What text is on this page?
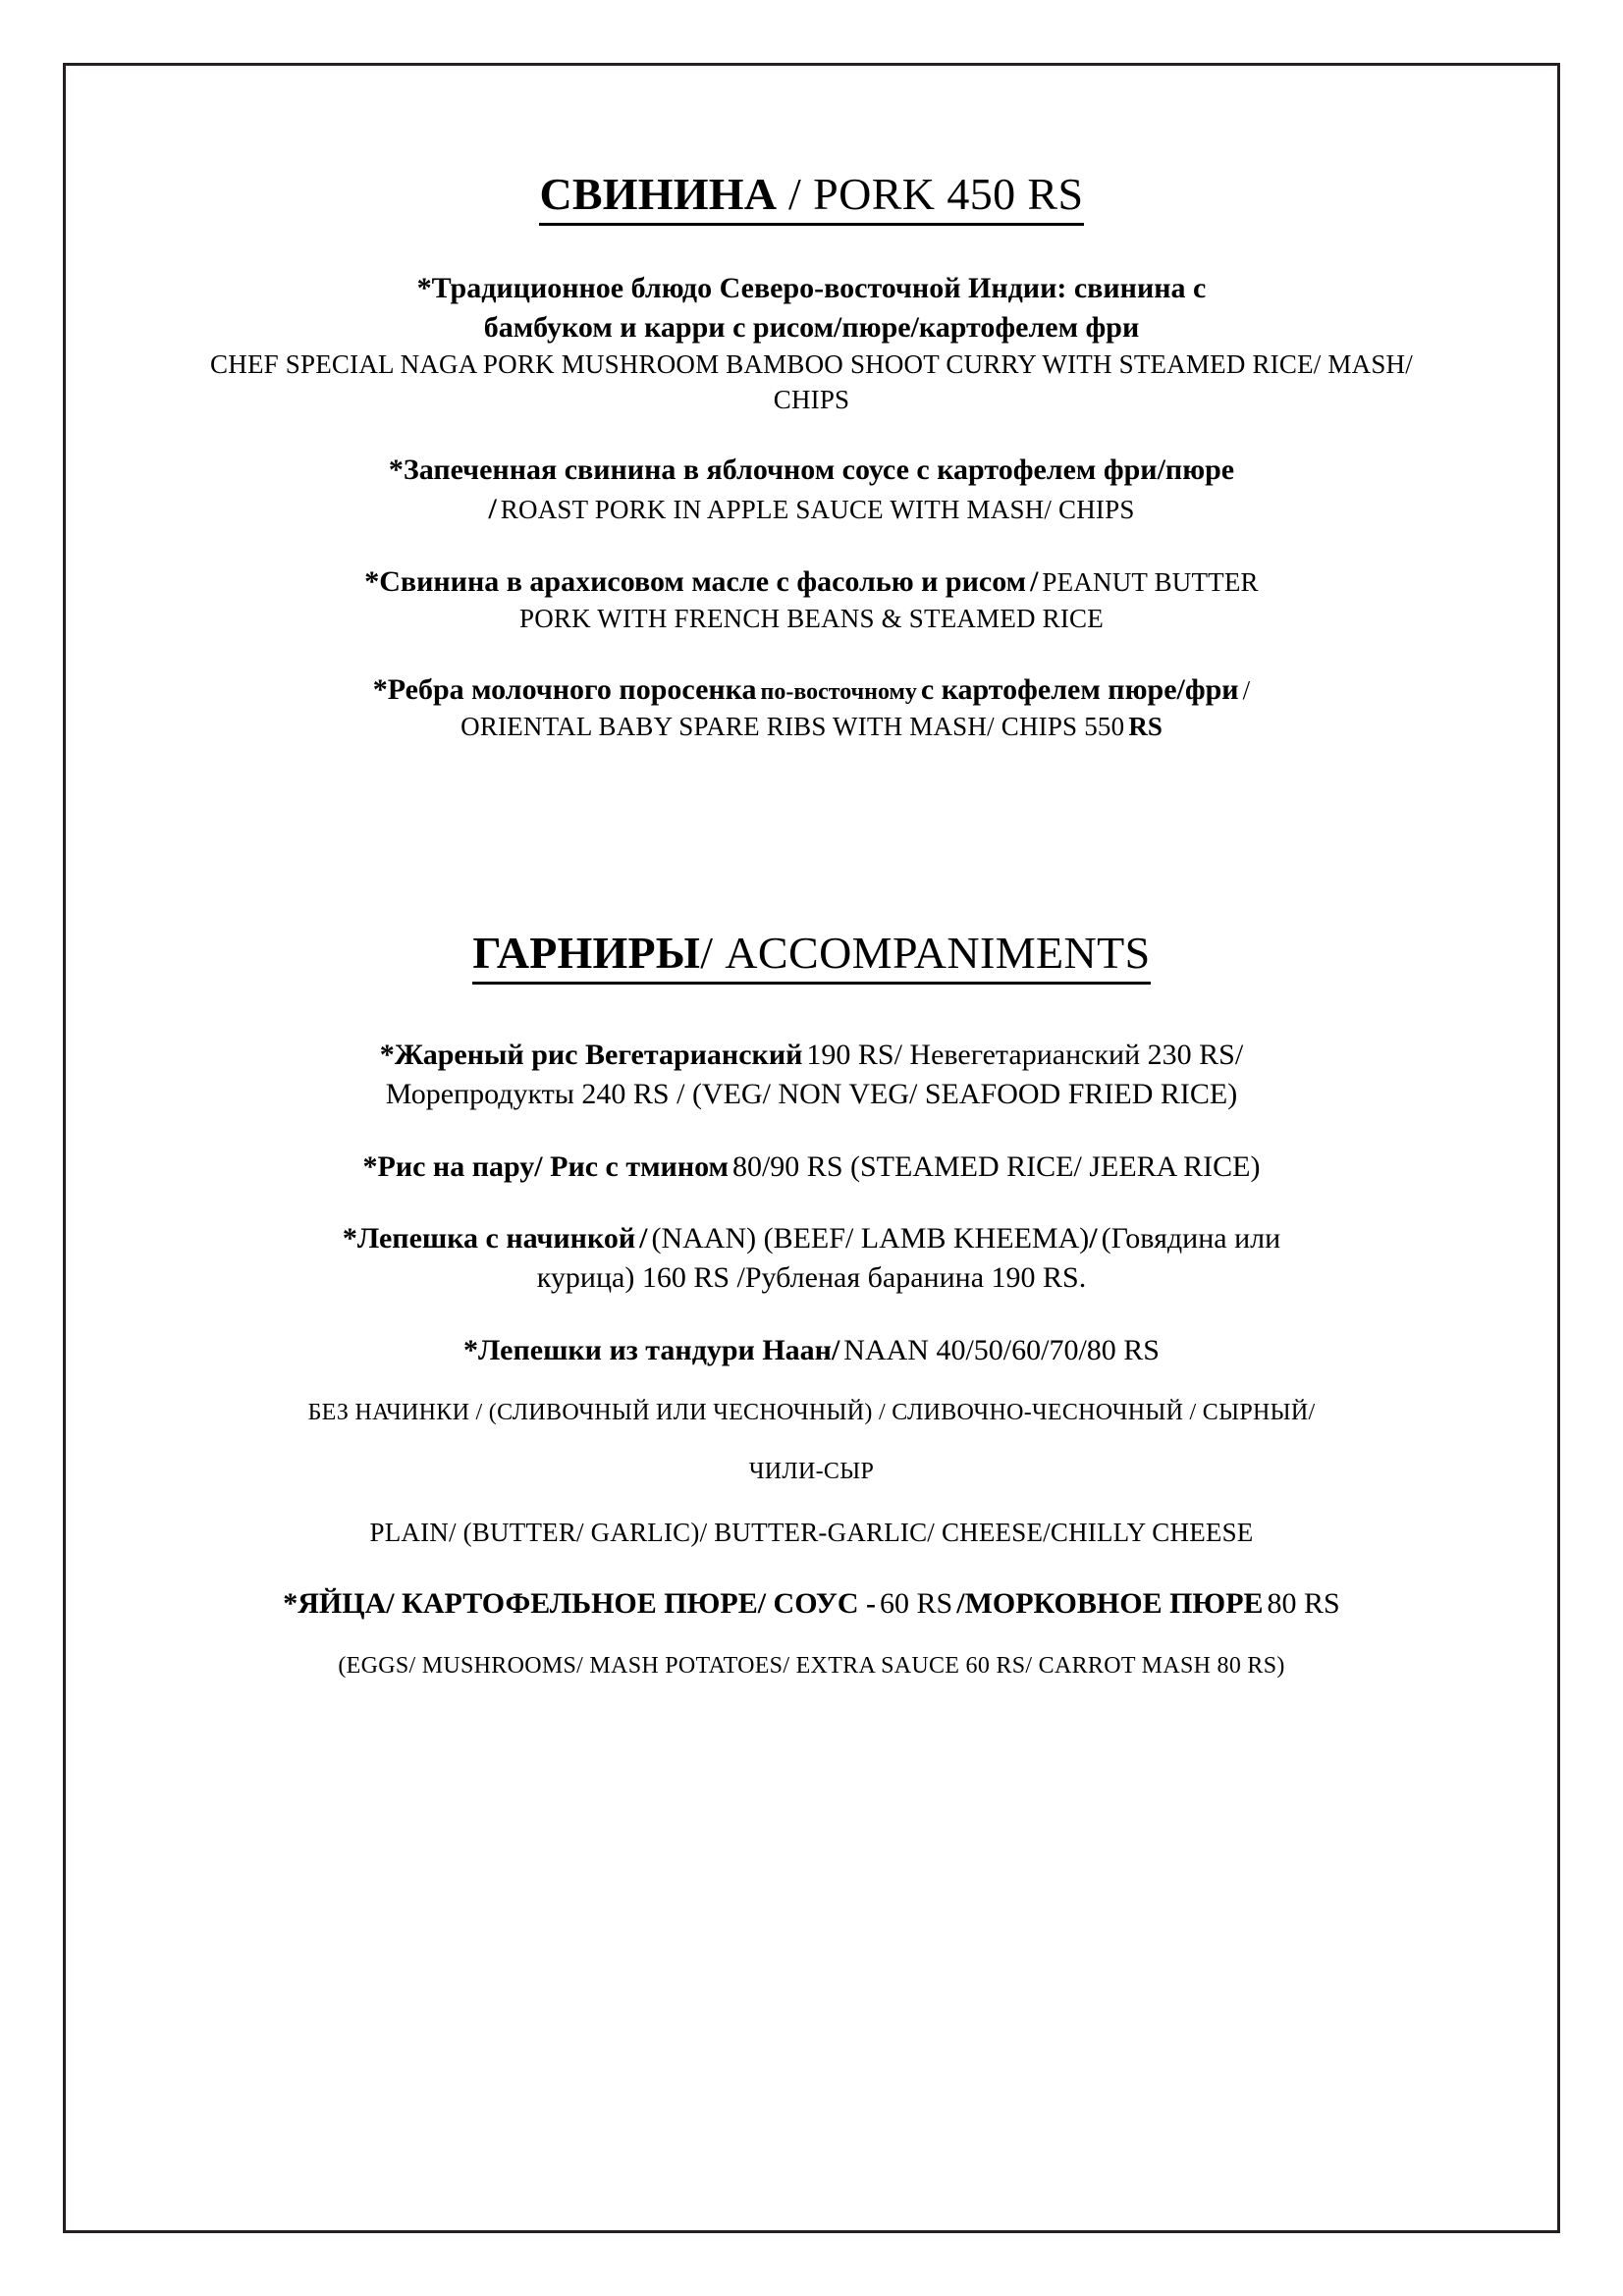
СВИНИНА / PORK 450 RS
*Традиционное блюдо Северо-восточной Индии: свинина с
бамбуком и карри с рисом/пюре/картофелем фри
CHEF SPECIAL NAGA PORK MUSHROOM BAMBOO SHOOT CURRY WITH STEAMED RICE/ MASH/
CHIPS
*Запеченная свинина в яблочном соусе с картофелем фри/пюре
/ ROAST PORK IN APPLE SAUCE WITH MASH/ CHIPS
*Свинина в арахисовом масле с фасолью и рисом / PEANUT BUTTER
PORK WITH FRENCH BEANS & STEAMED RICE
*Ребра молочного поросенка по-восточному с картофелем пюре/фри /
ORIENTAL BABY SPARE RIBS WITH MASH/ CHIPS 550 RS
ГАРНИРЫ/ ACCOMPANIMENTS
*Жареный рис Вегетарианский 190 RS/ Невегетарианский 230 RS/
Морепродукты 240 RS / (VEG/ NON VEG/ SEAFOOD FRIED RICE)
*Рис на пару/ Рис с тмином 80/90 RS (STEAMED RICE/ JEERA RICE)
*Лепешка с начинкой / (NAAN) (BEEF/ LAMB KHEEMA)/ (Говядина или
курица) 160 RS /Рубленая баранина 190 RS.
*Лепешки из тандури Наан/ NAAN 40/50/60/70/80 RS
БЕЗ НАЧИНКИ / (СЛИВОЧНЫЙ ИЛИ ЧЕСНОЧНЫЙ) / СЛИВОЧНО-ЧЕСНОЧНЫЙ / СЫРНЫЙ/
ЧИЛИ-СЫР
PLAIN/ (BUTTER/ GARLIC)/ BUTTER-GARLIC/ CHEESE/CHILLY CHEESE
*ЯЙЦА/ КАРТОФЕЛЬНОЕ ПЮРЕ/ СОУС - 60 RS /МОРКОВНОЕ ПЮРЕ 80 RS
(EGGS/ MUSHROOMS/ MASH POTATOES/ EXTRA SAUCE 60 RS/ CARROT MASH 80 RS)
